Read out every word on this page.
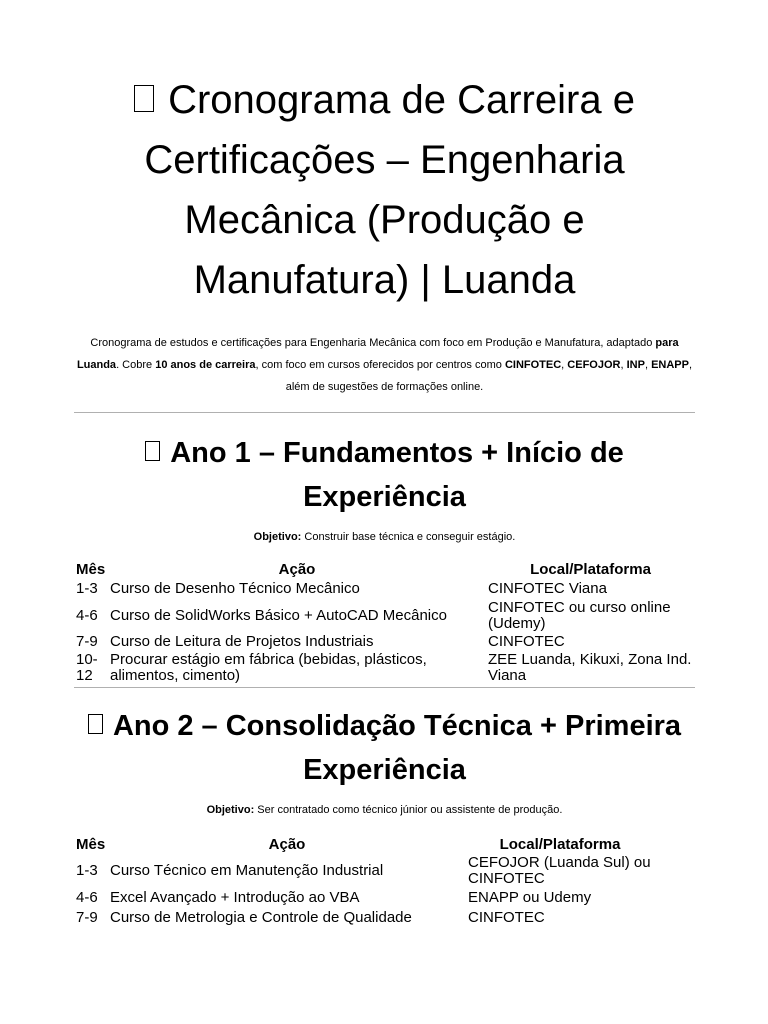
Cronograma de Carreira e Certificações – Engenharia Mecânica (Produção e Manufatura) | Luanda

Cronograma de estudos e certificações para Engenharia Mecânica com foco em Produção e Manufatura, adaptado para Luanda. Cobre 10 anos de carreira, com foco em cursos oferecidos por centros como CINFOTEC, CEFOJOR, INP, ENAPP, além de sugestões de formações online.

Ano 1 – Fundamentos + Início de Experiência

Objetivo: Construir base técnica e conseguir estágio.

Mês	Ação	Local/Plataforma
1-3	Curso de Desenho Técnico Mecânico	CINFOTEC Viana
4-6	Curso de SolidWorks Básico + AutoCAD Mecânico	CINFOTEC ou curso online (Udemy)
7-9	Curso de Leitura de Projetos Industriais	CINFOTEC
10-12	Procurar estágio em fábrica (bebidas, plásticos, alimentos, cimento)	ZEE Luanda, Kikuxi, Zona Ind. Viana
Ano 2 – Consolidação Técnica + Primeira Experiência

Objetivo: Ser contratado como técnico júnior ou assistente de produção.

Mês	Ação	Local/Plataforma
1-3	Curso Técnico em Manutenção Industrial	CEFOJOR (Luanda Sul) ou CINFOTEC
4-6	Excel Avançado + Introdução ao VBA	ENAPP ou Udemy
7-9	Curso de Metrologia e Controle de Qualidade	CINFOTEC
